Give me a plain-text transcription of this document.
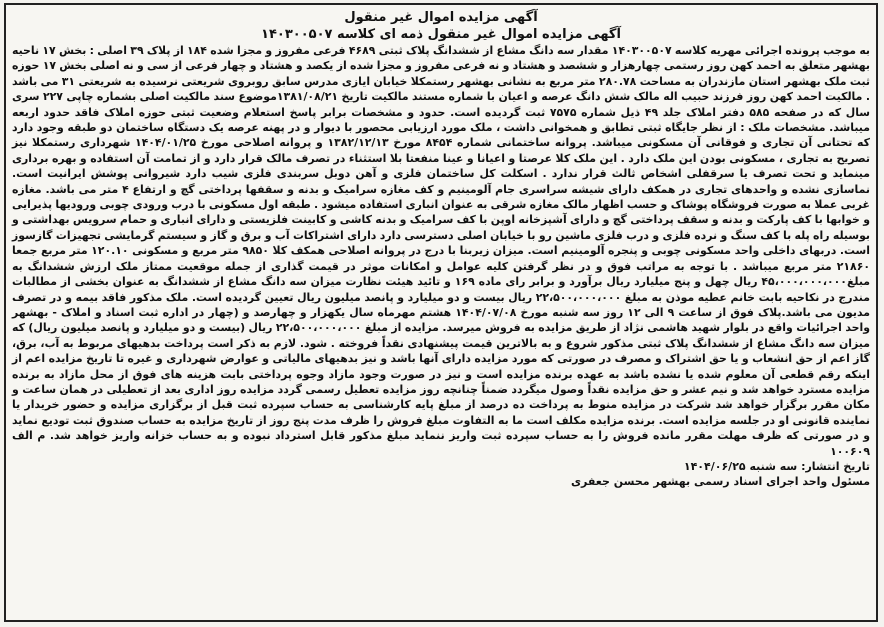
آگهی مزایده اموال غیر منقول
آگهی مزایده اموال غیر منقول ذمه ای کلاسه ۱۴۰۳۰۰۵۰۷

به موجب پرونده اجرائی مهریه کلاسه ۱۴۰۳۰۰۵۰۷ مقدار سه دانگ مشاع از ششدانگ پلاک ثبتی ۴۶۸۹ فرعی مفروز و مجزا شده ۱۸۴ از پلاک ۳۹ اصلی : بخش ۱۷ ناحیه بهشهر متعلق به احمد کهن روز رستمی چهارهزار و ششصد و هشتاد و نه فرعی مفروز و مجزا شده از یکصد و هشتاد و چهار فرعی از سی و نه اصلی بخش ۱۷ حوزه ثبت ملک بهشهر استان مازندران به مساحت ۲۸۰.۷۸ متر مربع به نشانی بهشهر رستمکلا خیابان ایازی مدرس سابق روبروی شریعتی نرسیده به شریعتی ۳۱ می باشد . مالکیت احمد کهن روز فرزند حبیب اله مالک شش دانگ عرصه و اعیان با شماره مستند مالکیت تاریخ ۱۳۸۱/۰۸/۲۱موضوع سند مالکیت اصلی بشماره چاپی ۲۲۷ سری سال که در صفحه ۵۸۵ دفتر املاک جلد ۴۹ ذیل شماره ۷۵۷۵ ثبت گردیده است. حدود و مشخصات برابر پاسخ استعلام وضعیت ثبتی حوزه املاک فاقد حدود اربعه میباشد. مشخصات ملک : از نظر جایگاه ثبتی تطابق و همخوانی داشت ، ملک مورد ارزیابی محصور با دیوار و در پهنه عرصه یک دستگاه ساختمان دو طبقه وجود دارد که تحتانی آن تجاری و فوقانی آن مسکونی میباشد. پروانه ساختمانی شماره ۸۴۵۴ مورخ ۱۳۸۲/۱۲/۱۳ و پروانه اصلاحی مورخ ۱۴۰۴/۰۱/۲۵ شهرداری رستمکلا نیز تصریح به تجاری ، مسکونی بودن این ملک دارد . این ملک کلا عرصتا و اعیانا و عینا منفعتا بلا استثناء در تصرف مالک قرار دارد و از تمامت آن استفاده و بهره برداری مینماید و تحت تصرف یا سرقفلی اشخاص ثالث قرار ندارد . اسکلت کل ساختمان فلزی و آهن دوبل سربندی فلزی شیب دارد شیروانی پوشش ایرانیت است. نماسازی نشده و واحدهای تجاری در همکف دارای شیشه سراسری جام آلومینیم و کف مغازه سرامیک و بدنه و سقفها پرداختی گچ و ارتفاع ۴ متر می باشد. مغازه غربی عملا به صورت فروشگاه پوشاک و حسب اظهار مالک مغازه شرقی به عنوان انباری استفاده میشود . طبقه اول مسکونی با درب ورودی چوبی وروديها پذیرایی و خوابها با کف پارکت و بدنه و سقف پرداختی گچ و دارای آشپزخانه اوپن با کف سرامیک و بدنه کاشی و کابینت فلزیستی و دارای انباری و حمام سرویس بهداشتی و بوسیله راه پله با کف سنگ و نرده فلزی و درب فلزی ماشین رو با خیابان اصلی دسترسی دارد دارای اشتراکات آب و برق و گاز و سیستم گرمایشی تجهیزات گازسوز است. دربهای داخلی واحد مسکونی چوبی و پنجره آلومینیم است. میزان زیربنا با درج در پروانه اصلاحی همکف کلا ۹۸۵۰ متر مربع و مسکونی ۱۲۰.۱۰ متر مربع جمعا ۲۱۸۶۰ متر مربع میباشد . با توجه به مراتب فوق و در نظر گرفتن کلیه عوامل و امکانات موثر در قیمت گذاری از جمله موقعیت ممتاز ملک ارزش ششدانگ به مبلغ۴۵،۰۰۰،۰۰۰،۰۰۰ ریال چهل و پنج میلیارد ریال برآورد و برابر رای ماده ۱۶۹ و تائید هیئت نظارت میزان سه دانگ مشاع از ششدانگ به عنوان بخشی از مطالبات مندرج در نکاحیه بابت خانم عطیه موذن به مبلغ ۲۲،۵۰۰،۰۰۰،۰۰۰ ریال بیست و دو میلیارد و پانصد میلیون ریال تعیین گردیده است. ملک مذکور فاقد بیمه و در تصرف مدیون می باشد.پلاک فوق از ساعت ۹ الی ۱۲ روز سه شنبه مورخ ۱۴۰۴/۰۷/۰۸ هشتم مهرماه سال یکهزار و چهارصد و (چهار در اداره ثبت اسناد و املاک - بهشهر واحد اجرائیات واقع در بلوار شهید هاشمی نژاد از طریق مزایده به فروش میرسد. مزایده از مبلغ ۲۲،۵۰۰،۰۰۰،۰۰۰ ریال (بیست و دو میلیارد و پانصد میلیون ریال) که میزان سه دانگ مشاع از ششدانگ پلاک ثبتی مذکور شروع و به بالاترین قیمت پیشنهادی نقداً فروخته . شود. لازم به ذکر است پرداخت بدهیهای مربوط به آب، برق، گاز اعم از حق انشعاب و یا حق اشتراک و مصرف در صورتی که مورد مزایده دارای آنها باشد و نیز بدهیهای مالیاتی و عوارض شهرداری و غیره تا تاریخ مزایده اعم از اینکه رقم قطعی آن معلوم شده یا نشده باشد به عهده برنده مزایده است و نیز در صورت وجود مازاد وجوه پرداختی بابت هزینه های فوق از محل مازاد به برنده مزایده مسترد خواهد شد و نیم عشر و حق مزایده نقداً وصول میگردد ضمناً چنانچه روز مزایده تعطیل رسمی گردد مزایده روز اداری بعد از تعطیلی در همان ساعت و مکان مقرر برگزار خواهد شد شرکت در مزایده منوط به پرداخت ده درصد از مبلغ پایه کارشناسی به حساب سپرده ثبت قبل از برگزاری مزایده و حضور خریدار یا نماینده قانونی او در جلسه مزایده است. برنده مزایده مکلف است ما به التفاوت مبلغ فروش را ظرف مدت پنج روز از تاریخ مزایده به حساب صندوق ثبت تودیع نماید و در صورتی که ظرف مهلت مقرر مانده فروش را به حساب سپرده ثبت واریز ننماید مبلغ مذکور قابل استرداد نبوده و به حساب خزانه واریز خواهد شد. م الف ۱۰۰۶۰۹

تاریخ انتشار: سه شنبه ۱۴۰۴/۰۶/۲۵
مسئول واحد اجرای اسناد رسمی بهشهر محسن جعفری
